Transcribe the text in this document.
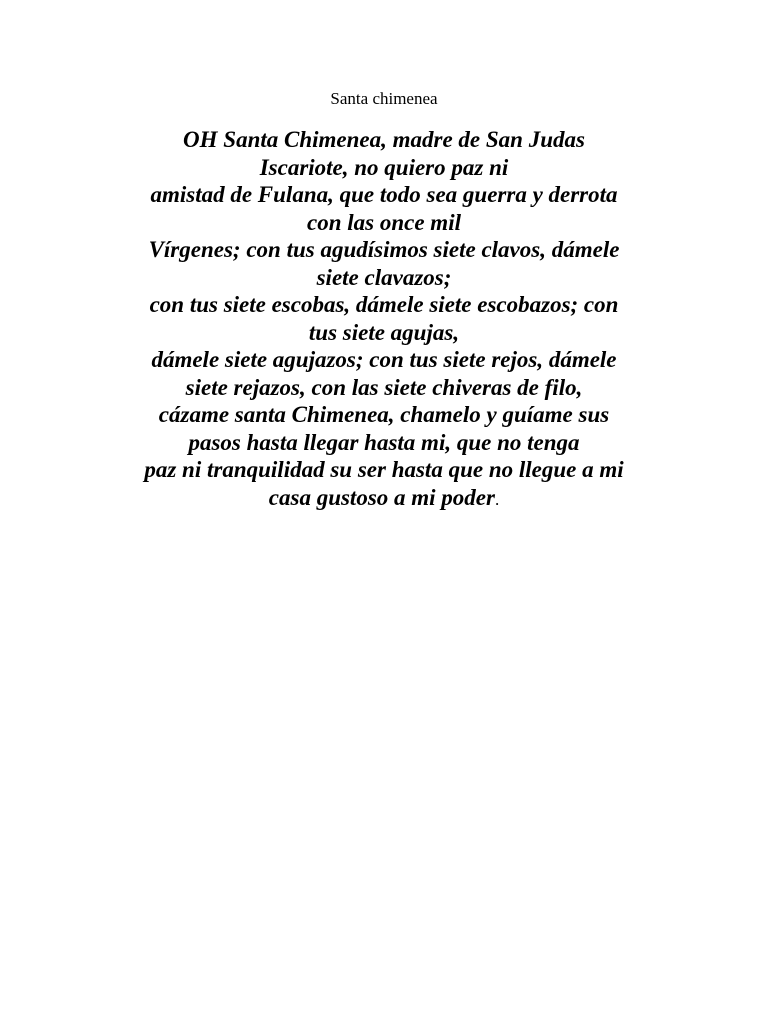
Santa chimenea
OH Santa Chimenea, madre de San Judas
Iscariote, no quiero paz ni
amistad de Fulana, que todo sea guerra y derrota
con las once mil
Vírgenes; con tus agudísimos siete clavos, dámele
siete clavazos;
con tus siete escobas, dámele siete escobazos; con
tus siete agujas,
dámele siete agujazos; con tus siete rejos, dámele
siete rejazos, con las siete chiveras de filo,
cázame santa Chimenea, chamelo y guíame sus
pasos hasta llegar hasta mi, que no tenga
paz ni tranquilidad su ser hasta que no llegue a mi
casa gustoso a mi poder.
